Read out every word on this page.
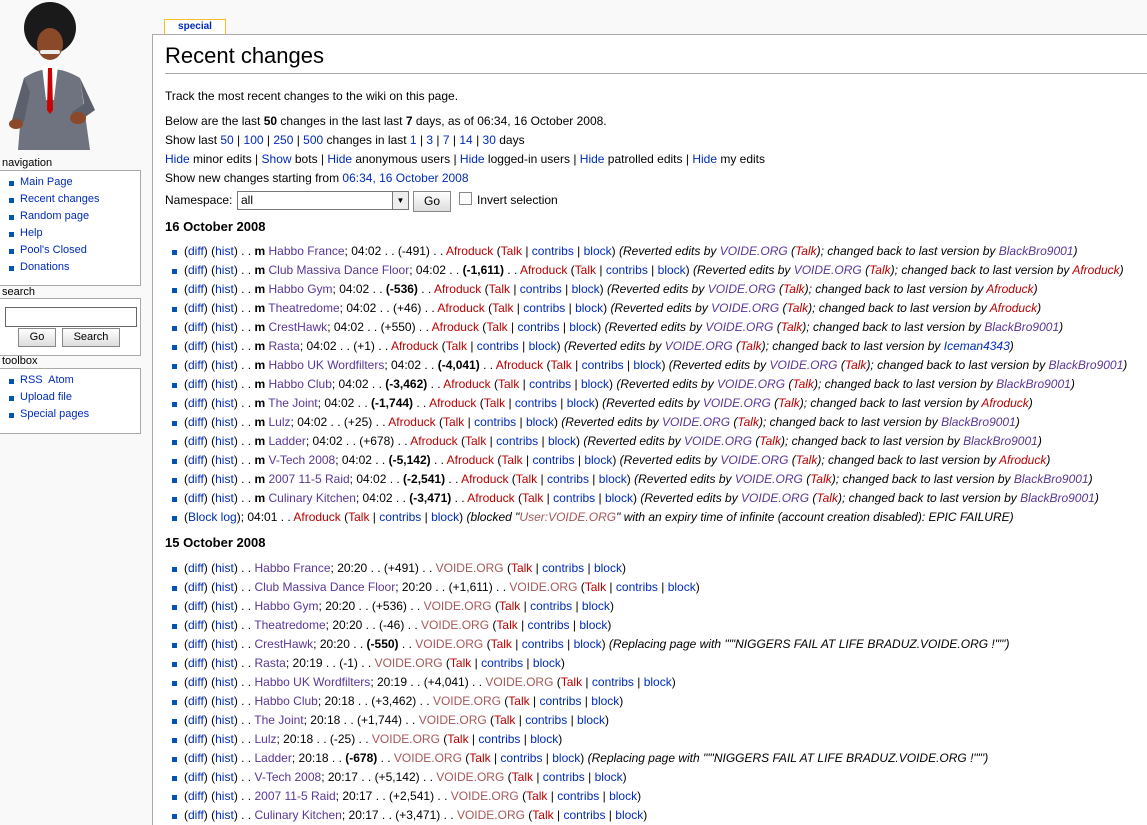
navigation
Main Page
Recent changes
Random page
Help
Pool's Closed
Donations
search
Go	Search
toolbox
RSS Atom
Upload file
Special pages
special
Recent changes
Track the most recent changes to the wiki on this page.
Below are the last 50 changes in the last last 7 days, as of 06:34, 16 October 2008.
Show last 50 | 100 | 250 | 500 changes in last 1 | 3 | 7 | 14 | 30 days
Hide minor edits | Show bots | Hide anonymous users | Hide logged-in users | Hide patrolled edits | Hide my edits
Show new changes starting from 06:34, 16 October 2008
Namespace: all	▼	Go	Invert selection
16 October 2008
(diff) (hist) . . m Habbo France; 04:02 . . (-491) . . Afroduck (Talk | contribs | block) (Reverted edits by VOIDE.ORG (Talk); changed back to last version by BlackBro9001)
(diff) (hist) . . m Club Massiva Dance Floor; 04:02 . . (-1,611) . . Afroduck (Talk | contribs | block) (Reverted edits by VOIDE.ORG (Talk); changed back to last version by Afroduck)
(diff) (hist) . . m Habbo Gym; 04:02 . . (-536) . . Afroduck (Talk | contribs | block) (Reverted edits by VOIDE.ORG (Talk); changed back to last version by Afroduck)
(diff) (hist) . . m Theatredome; 04:02 . . (+46) . . Afroduck (Talk | contribs | block) (Reverted edits by VOIDE.ORG (Talk); changed back to last version by Afroduck)
(diff) (hist) . . m CrestHawk; 04:02 . . (+550) . . Afroduck (Talk | contribs | block) (Reverted edits by VOIDE.ORG (Talk); changed back to last version by BlackBro9001)
(diff) (hist) . . m Rasta; 04:02 . . (+1) . . Afroduck (Talk | contribs | block) (Reverted edits by VOIDE.ORG (Talk); changed back to last version by Iceman4343)
(diff) (hist) . . m Habbo UK Wordfilters; 04:02 . . (-4,041) . . Afroduck (Talk | contribs | block) (Reverted edits by VOIDE.ORG (Talk); changed back to last version by BlackBro9001)
(diff) (hist) . . m Habbo Club; 04:02 . . (-3,462) . . Afroduck (Talk | contribs | block) (Reverted edits by VOIDE.ORG (Talk); changed back to last version by BlackBro9001)
(diff) (hist) . . m The Joint; 04:02 . . (-1,744) . . Afroduck (Talk | contribs | block) (Reverted edits by VOIDE.ORG (Talk); changed back to last version by Afroduck)
(diff) (hist) . . m Lulz; 04:02 . . (+25) . . Afroduck (Talk | contribs | block) (Reverted edits by VOIDE.ORG (Talk); changed back to last version by BlackBro9001)
(diff) (hist) . . m Ladder; 04:02 . . (+678) . . Afroduck (Talk | contribs | block) (Reverted edits by VOIDE.ORG (Talk); changed back to last version by BlackBro9001)
(diff) (hist) . . m V-Tech 2008; 04:02 . . (-5,142) . . Afroduck (Talk | contribs | block) (Reverted edits by VOIDE.ORG (Talk); changed back to last version by Afroduck)
(diff) (hist) . . m 2007 11-5 Raid; 04:02 . . (-2,541) . . Afroduck (Talk | contribs | block) (Reverted edits by VOIDE.ORG (Talk); changed back to last version by BlackBro9001)
(diff) (hist) . . m Culinary Kitchen; 04:02 . . (-3,471) . . Afroduck (Talk | contribs | block) (Reverted edits by VOIDE.ORG (Talk); changed back to last version by BlackBro9001)
(Block log); 04:01 . . Afroduck (Talk | contribs | block) (blocked "User:VOIDE.ORG" with an expiry time of infinite (account creation disabled): EPIC FAILURE)
15 October 2008
(diff) (hist) . . Habbo France; 20:20 . . (+491) . . VOIDE.ORG (Talk | contribs | block)
(diff) (hist) . . Club Massiva Dance Floor; 20:20 . . (+1,611) . . VOIDE.ORG (Talk | contribs | block)
(diff) (hist) . . Habbo Gym; 20:20 . . (+536) . . VOIDE.ORG (Talk | contribs | block)
(diff) (hist) . . Theatredome; 20:20 . . (-46) . . VOIDE.ORG (Talk | contribs | block)
(diff) (hist) . . CrestHawk; 20:20 . . (-550) . . VOIDE.ORG (Talk | contribs | block) (Replacing page with '""NIGGERS FAIL AT LIFE BRADUZ.VOIDE.ORG !""')
(diff) (hist) . . Rasta; 20:19 . . (-1) . . VOIDE.ORG (Talk | contribs | block)
(diff) (hist) . . Habbo UK Wordfilters; 20:19 . . (+4,041) . . VOIDE.ORG (Talk | contribs | block)
(diff) (hist) . . Habbo Club; 20:18 . . (+3,462) . . VOIDE.ORG (Talk | contribs | block)
(diff) (hist) . . The Joint; 20:18 . . (+1,744) . . VOIDE.ORG (Talk | contribs | block)
(diff) (hist) . . Lulz; 20:18 . . (-25) . . VOIDE.ORG (Talk | contribs | block)
(diff) (hist) . . Ladder; 20:18 . . (-678) . . VOIDE.ORG (Talk | contribs | block) (Replacing page with '""NIGGERS FAIL AT LIFE BRADUZ.VOIDE.ORG !""')
(diff) (hist) . . V-Tech 2008; 20:17 . . (+5,142) . . VOIDE.ORG (Talk | contribs | block)
(diff) (hist) . . 2007 11-5 Raid; 20:17 . . (+2,541) . . VOIDE.ORG (Talk | contribs | block)
(diff) (hist) . . Culinary Kitchen; 20:17 . . (+3,471) . . VOIDE.ORG (Talk | contribs | block)
